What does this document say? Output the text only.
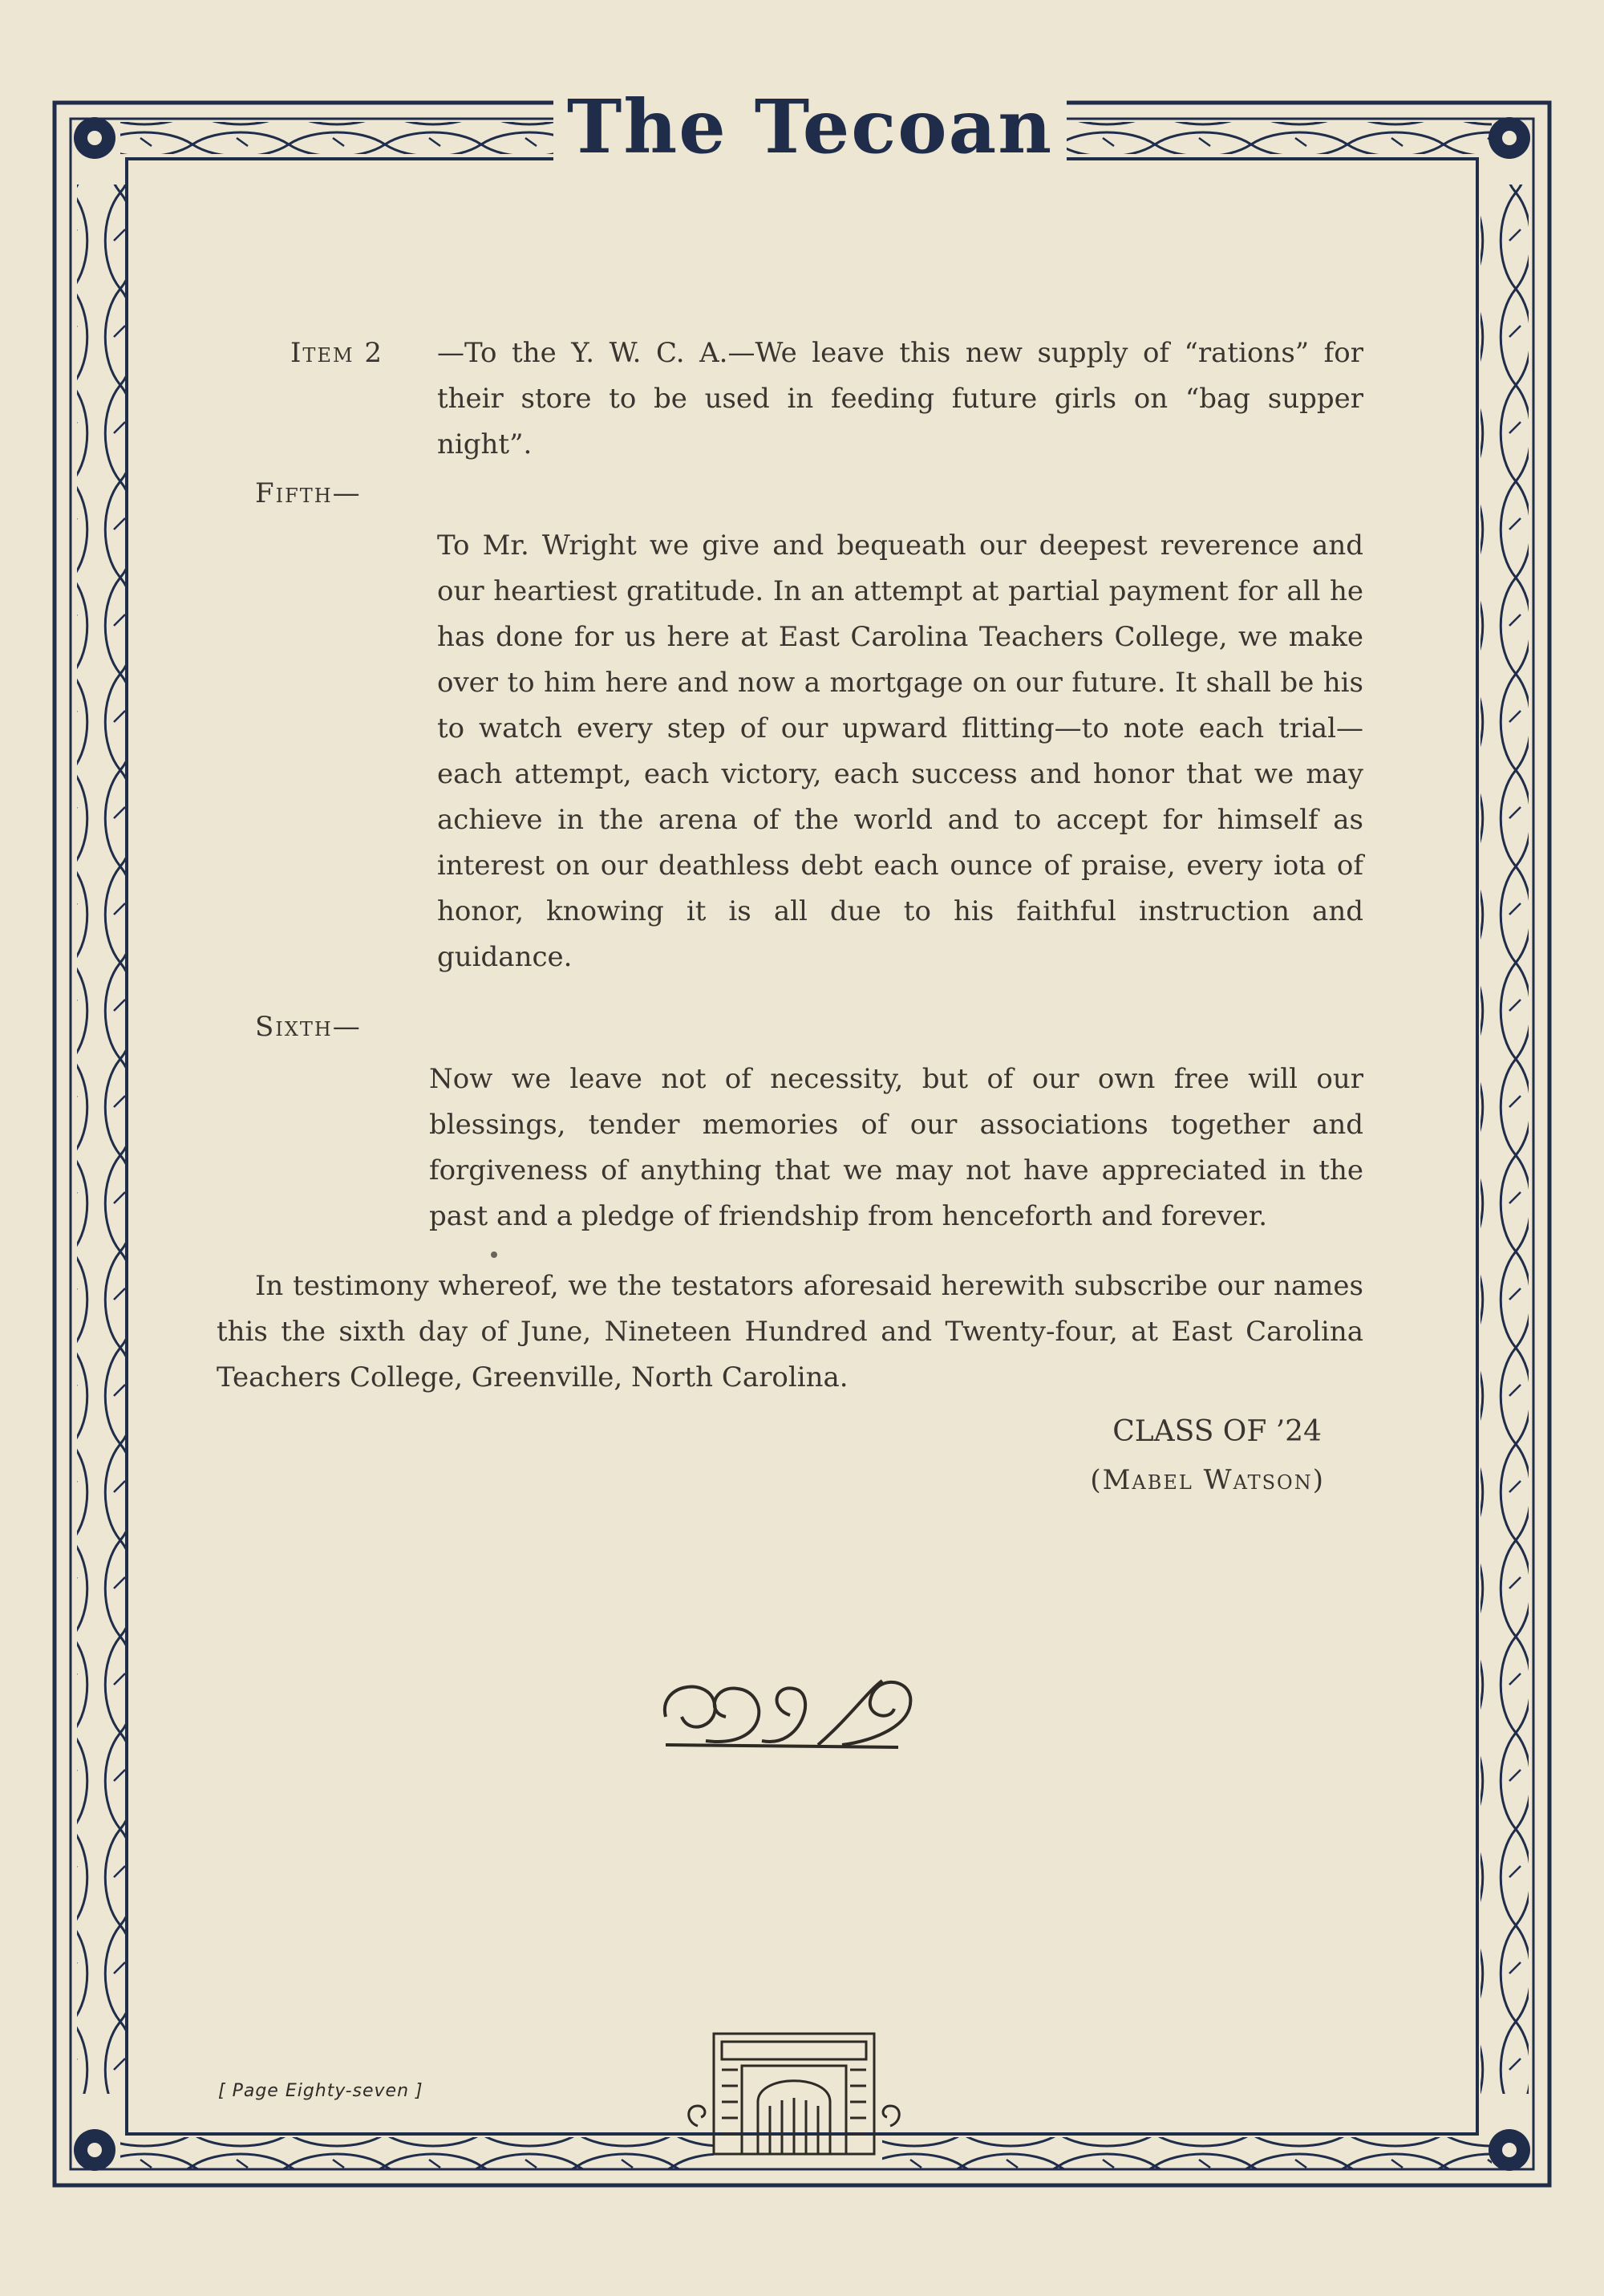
The Tecoan
Item 2 —To the Y. W. C. A.—We leave this new supply of “rations” for their store to be used in feeding future girls on “bag supper night”.
Fifth—
To Mr. Wright we give and bequeath our deepest reverence and our heartiest gratitude. In an attempt at partial payment for all he has done for us here at East Carolina Teachers College, we make over to him here and now a mortgage on our future. It shall be his to watch every step of our upward flitting—to note each trial—each attempt, each victory, each success and honor that we may achieve in the arena of the world and to accept for himself as interest on our deathless debt each ounce of praise, every iota of honor, knowing it is all due to his faithful instruction and guidance.
Sixth—
Now we leave not of necessity, but of our own free will our blessings, tender memories of our associations together and forgiveness of anything that we may not have appreciated in the past and a pledge of friendship from henceforth and forever.
In testimony whereof, we the testators aforesaid herewith subscribe our names this the sixth day of June, Nineteen Hundred and Twenty-four, at East Carolina Teachers College, Greenville, North Carolina.
CLASS OF ’24
(Mabel Watson)
[ Page Eighty-seven ]
